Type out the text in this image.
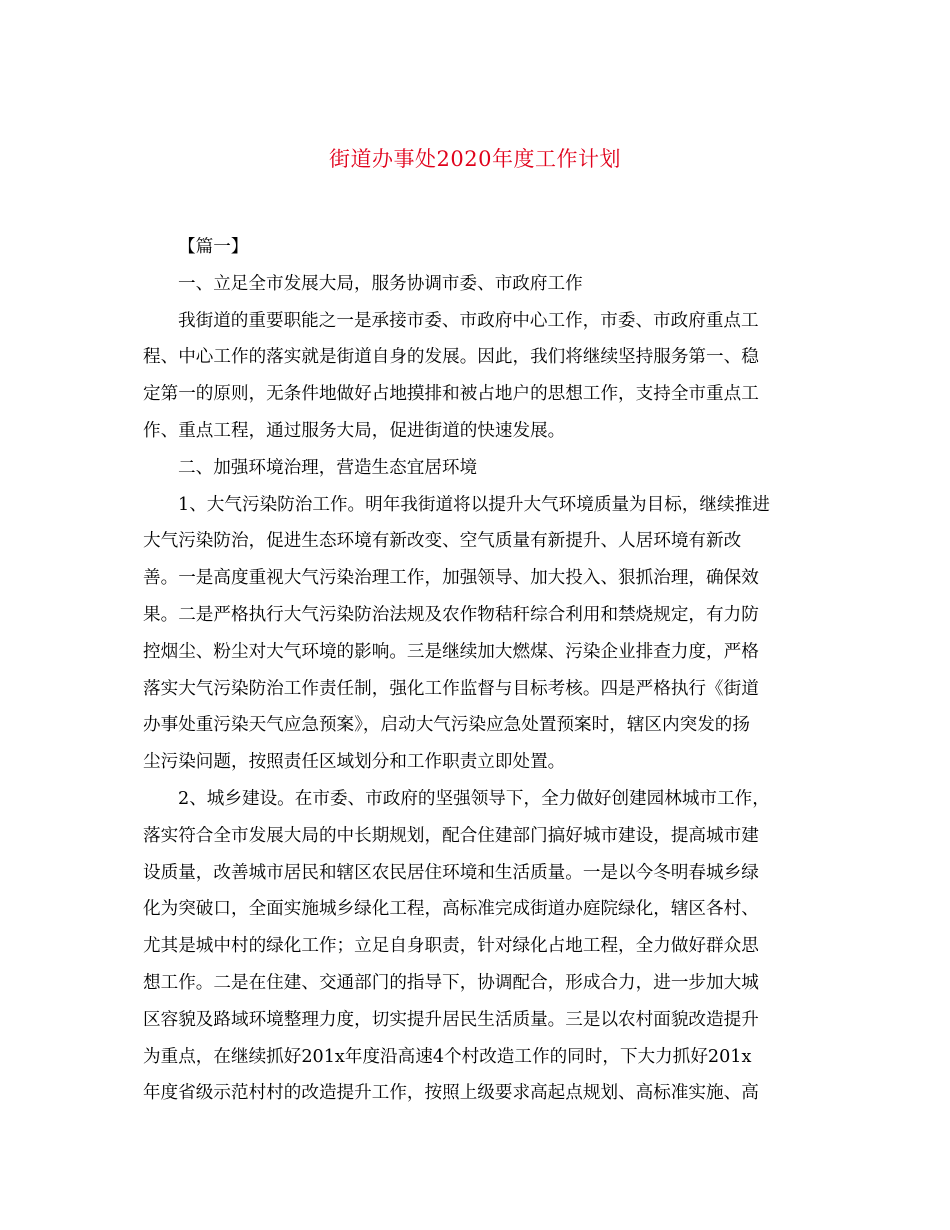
街道办事处2020年度工作计划
【篇一】
一、立足全市发展大局，服务协调市委、市政府工作
我街道的重要职能之一是承接市委、市政府中心工作，市委、市政府重点工
程、中心工作的落实就是街道自身的发展。因此，我们将继续坚持服务第一、稳
定第一的原则，无条件地做好占地摸排和被占地户的思想工作，支持全市重点工
作、重点工程，通过服务大局，促进街道的快速发展。
二、加强环境治理，营造生态宜居环境
1、大气污染防治工作。明年我街道将以提升大气环境质量为目标，继续推进
大气污染防治，促进生态环境有新改变、空气质量有新提升、人居环境有新改
善。一是高度重视大气污染治理工作，加强领导、加大投入、狠抓治理，确保效
果。二是严格执行大气污染防治法规及农作物秸秆综合利用和禁烧规定，有力防
控烟尘、粉尘对大气环境的影响。三是继续加大燃煤、污染企业排查力度，严格
落实大气污染防治工作责任制，强化工作监督与目标考核。四是严格执行《街道
办事处重污染天气应急预案》，启动大气污染应急处置预案时，辖区内突发的扬
尘污染问题，按照责任区域划分和工作职责立即处置。
2、城乡建设。在市委、市政府的坚强领导下，全力做好创建园林城市工作，
落实符合全市发展大局的中长期规划，配合住建部门搞好城市建设，提高城市建
设质量，改善城市居民和辖区农民居住环境和生活质量。一是以今冬明春城乡绿
化为突破口，全面实施城乡绿化工程，高标准完成街道办庭院绿化，辖区各村、
尤其是城中村的绿化工作；立足自身职责，针对绿化占地工程，全力做好群众思
想工作。二是在住建、交通部门的指导下，协调配合，形成合力，进一步加大城
区容貌及路域环境整理力度，切实提升居民生活质量。三是以农村面貌改造提升
为重点，在继续抓好201x年度沿高速4个村改造工作的同时，下大力抓好201x
年度省级示范村村的改造提升工作，按照上级要求高起点规划、高标准实施、高
